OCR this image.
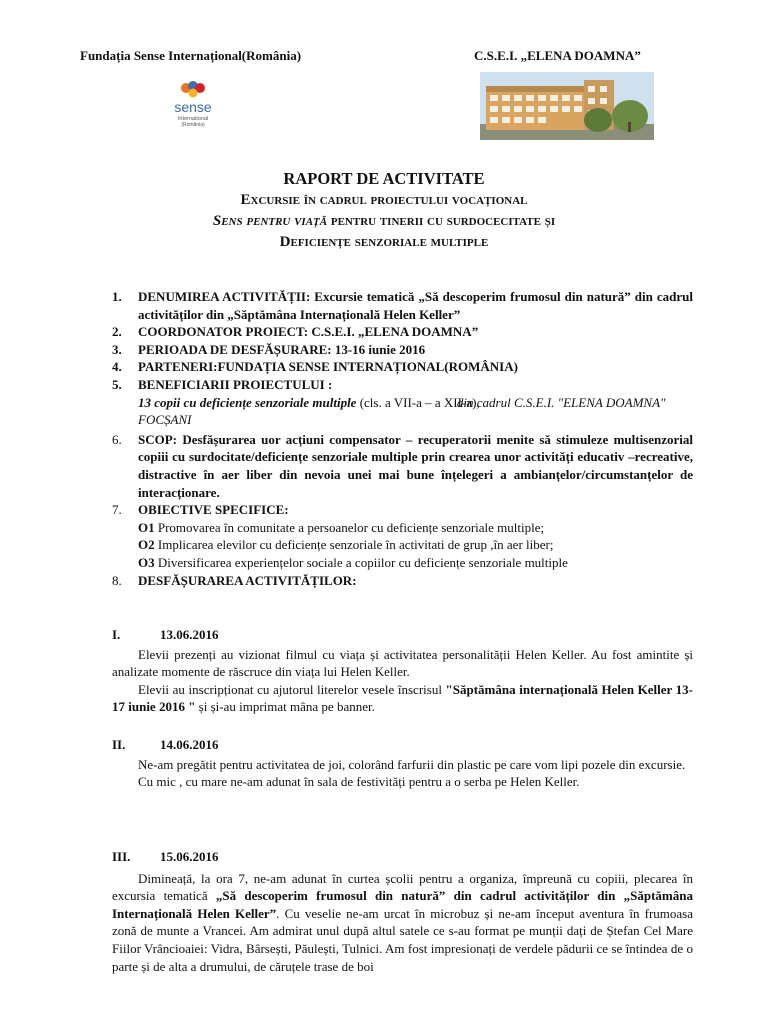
Fundația Sense Internațional(România)	C.S.E.I. „ELENA DOAMNA”
sense
International
(România)
RAPORT DE ACTIVITATE
Excursie în cadrul proiectului vocațional
Sens pentru viață pentru tinerii cu surdocecitate și
Deficiențe senzoriale multiple
1.	DENUMIREA ACTIVITĂȚII: Excursie tematică „Să descoperim frumosul din natură” din cadrul activităților din „Săptămâna Internațională Helen Keller”
2.	COORDONATOR PROIECT: C.S.E.I. „ELENA DOAMNA”
3.	PERIOADA DE DESFĂȘURARE: 13-16 iunie 2016
4.	PARTENERI:FUNDAȚIA SENSE INTERNAȚIONAL(ROMÂNIA)
5.	BENEFICIARII PROIECTULUI :
13 copii cu deficiențe senzoriale multiple (cls. a VII-a – a XII-a), din cadrul C.S.E.I. "ELENA DOAMNA" FOCȘANI
6.	SCOP: Desfășurarea uor acțiuni compensator – recuperatorii menite să stimuleze multisenzorial copiii cu surdocitate/deficiențe senzoriale multiple prin crearea unor activități educativ –recreative, distractive în aer liber din nevoia unei mai bune înțelegeri a ambianțelor/circumstanțelor de interacționare.
7.	OBIECTIVE SPECIFICE:
O1 Promovarea în comunitate a persoanelor cu deficiențe senzoriale multiple;
O2 Implicarea elevilor cu deficiențe senzoriale în activitati de grup ,în aer liber;
O3 Diversificarea experiențelor sociale a copiilor cu deficiențe senzoriale multiple
8.	DESFĂȘURAREA ACTIVITĂȚILOR:
I.	13.06.2016
Elevii prezenți au vizionat filmul cu viața și activitatea personalității Helen Keller. Au fost amintite și analizate momente de răscruce din viața lui Helen Keller.
Elevii au inscripționat cu ajutorul literelor vesele înscrisul "Săptămâna internațională Helen Keller 13-17 iunie 2016 " și și-au imprimat mâna pe banner.
II.	14.06.2016
Ne-am pregătit pentru activitatea de joi, colorând farfurii din plastic pe care vom lipi pozele din excursie.
Cu mic , cu mare ne-am adunat în sala de festivități pentru a o serba pe Helen Keller.
III. 15.06.2016
Dimineață, la ora 7, ne-am adunat în curtea școlii pentru a organiza, împreună cu copiii, plecarea în excursia tematică „Să descoperim frumosul din natură” din cadrul activităților din „Săptămâna Internațională Helen Keller”. Cu veselie ne-am urcat în microbuz și ne-am început aventura în frumoasa zonă de munte a Vrancei. Am admirat unul după altul satele ce s-au format pe munții dați de Ștefan Cel Mare Fiilor Vrâncioaiei: Vidra, Bârsești, Păulești, Tulnici. Am fost impresionați de verdele pădurii ce se întindea de o parte și de alta a drumului, de căruțele trase de boi
